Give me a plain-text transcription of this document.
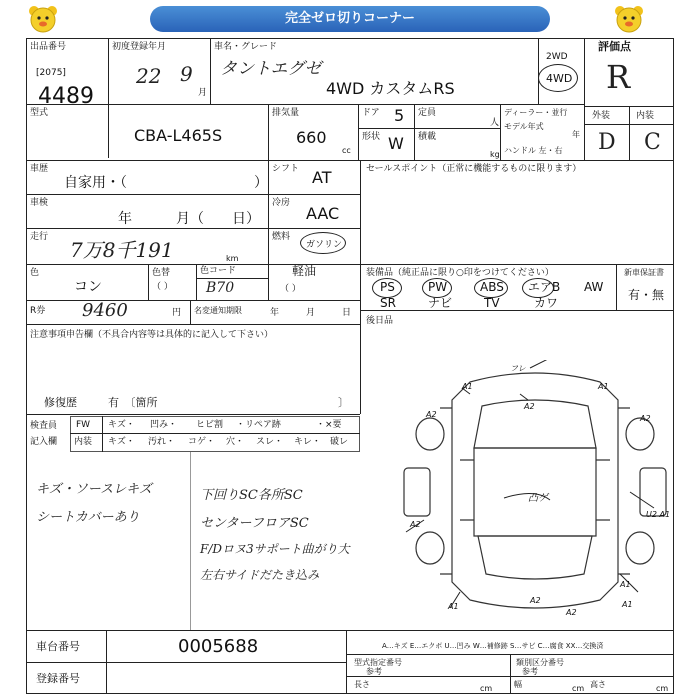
完全ゼロ切りコーナー
出品番号
[2075]
4489
初度登録年月
22 9
月
車名・グレード
タントエグゼ
4WD カスタムRS
2WD
4WD
評価点
R
外装	内装
D C
型式
CBA-L465S
排気量
660
cc
ドア 5
形状 W
定員
人
積載
kg
ディーラー・並行
モデル年式
年
ハンドル 左・右
車歴
自家用・（	）
シフト AT
車検
年	月（ 日）
冷房
AAC
走行
7万8千191	km
燃料
ガソリン
軽油
（ ）
色
コン
色替
（ ）
色コード
B70
セールスポイント（正常に機能するものに限ります）
装備品（純正品に限り○印をつけてください）	新車保証書
有・無
PS	PW	ABS エアB AW
SR	ナビ	TV	カワ
後日品
R券 9460	円 名変通知期限	年	月	日
注意事項申告欄（不具合内容等は具体的に記入して下さい）
修復歴	有　〔箇所	〕
検査員
記入欄
FW キズ・ 凹み・ ヒビ割 ・リペア跡	・×要
内装 キズ・ 汚れ・ コゲ・ 穴・ スレ・ キレ・ 破レ
キズ・ソースレキズ
シートカバーあり
下回りSC各所SC
センターフロアSC
F/Dロヌ3サポート曲がり大
左右サイドだたき込み
フレ
A1
A2
A1
A2	A2
凸ゲ
A2
U2 A1
A1
A2
A1
A2
A1
車台番号	0005688
登録番号
A…キズ E…エクボ U…凹み W…補修跡 S…サビ C…腐食 XX…交換済
型式指定番号
参考
類別区分番号
参考
長さ	cm	幅	cm 高さ	cm
